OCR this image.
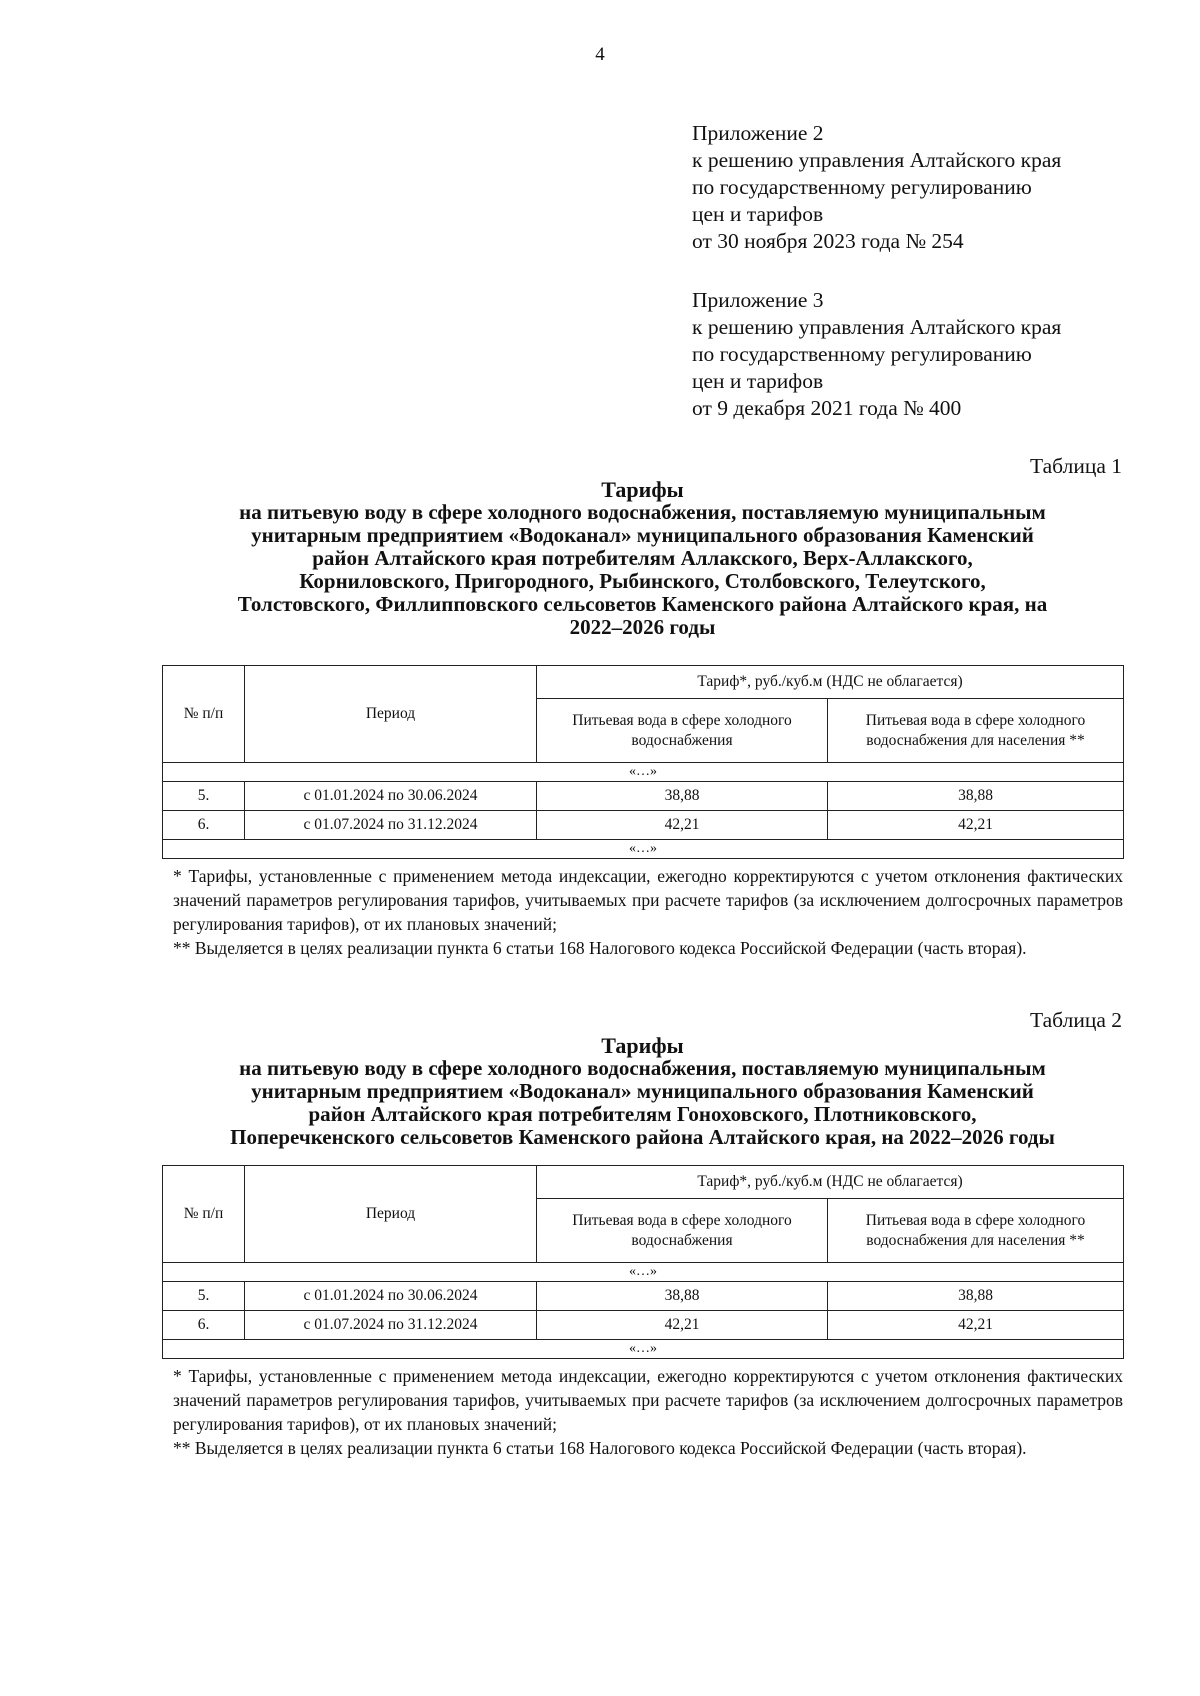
4
Приложение 2
к решению управления Алтайского края
по государственному регулированию
цен и тарифов
от 30 ноября 2023 года № 254
Приложение 3
к решению управления Алтайского края
по государственному регулированию
цен и тарифов
от 9 декабря 2021 года № 400
Таблица 1
Тарифы
на питьевую воду в сфере холодного водоснабжения, поставляемую муниципальным
унитарным предприятием «Водоканал» муниципального образования Каменский
район Алтайского края потребителям Аллакского, Верх-Аллакского,
Корниловского, Пригородного, Рыбинского, Столбовского, Телеутского,
Толстовского, Филлипповского сельсоветов Каменского района Алтайского края, на
2022–2026 годы
№ п/п	Период	Тариф*, руб./куб.м (НДС не облагается)	
		Питьевая вода в сфере холодного водоснабжения	Питьевая вода в сфере холодного водоснабжения для населения **
«…»			
5.	с 01.01.2024 по 30.06.2024	38,88	38,88
6.	с 01.07.2024 по 31.12.2024	42,21	42,21
«…»			

* Тарифы, установленные с применением метода индексации, ежегодно корректируются с учетом отклонения фактических значений параметров регулирования тарифов, учитываемых при расчете тарифов (за исключением долгосрочных параметров регулирования тарифов), от их плановых значений;

** Выделяется в целях реализации пункта 6 статьи 168 Налогового кодекса Российской Федерации (часть вторая).

Таблица 2
Тарифы
на питьевую воду в сфере холодного водоснабжения, поставляемую муниципальным
унитарным предприятием «Водоканал» муниципального образования Каменский
район Алтайского края потребителям Гоноховского, Плотниковского,
Поперечкенского сельсоветов Каменского района Алтайского края, на 2022–2026 годы
№ п/п	Период	Тариф*, руб./куб.м (НДС не облагается)	
		Питьевая вода в сфере холодного водоснабжения	Питьевая вода в сфере холодного водоснабжения для населения **
«…»			
5.	с 01.01.2024 по 30.06.2024	38,88	38,88
6.	с 01.07.2024 по 31.12.2024	42,21	42,21
«…»			

* Тарифы, установленные с применением метода индексации, ежегодно корректируются с учетом отклонения фактических значений параметров регулирования тарифов, учитываемых при расчете тарифов (за исключением долгосрочных параметров регулирования тарифов), от их плановых значений;

** Выделяется в целях реализации пункта 6 статьи 168 Налогового кодекса Российской Федерации (часть вторая).
